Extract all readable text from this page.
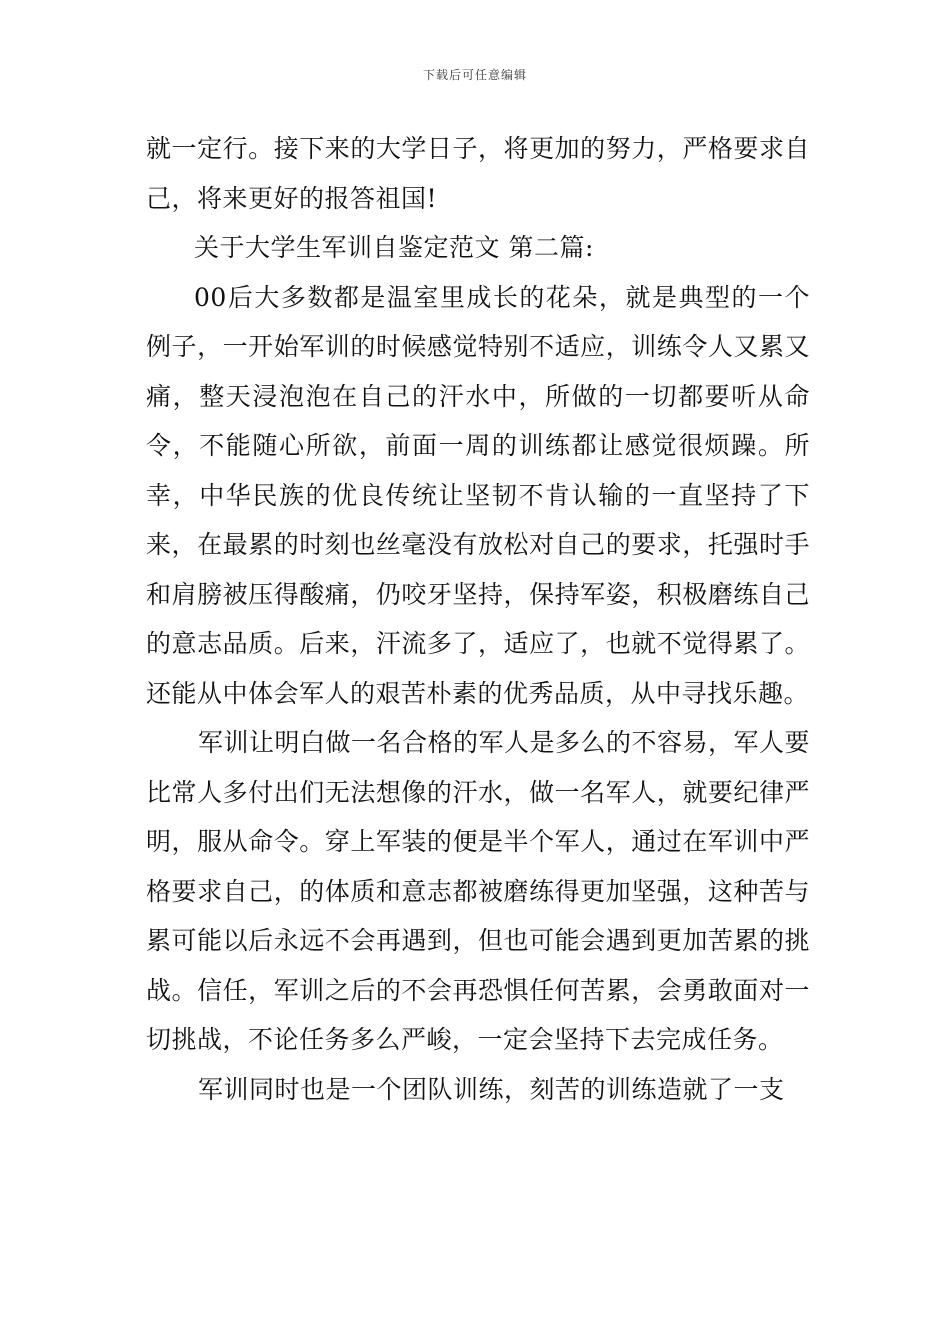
下载后可任意编辑

就一定行。接下来的大学日子，将更加的努力，严格要求自己，将来更好的报答祖国!

关于大学生军训自鉴定范文 第二篇:

00后大多数都是温室里成长的花朵，就是典型的一个例子，一开始军训的时候感觉特别不适应，训练令人又累又痛，整天浸泡泡在自己的汗水中，所做的一切都要听从命令，不能随心所欲，前面一周的训练都让感觉很烦躁。所幸，中华民族的优良传统让坚韧不肯认输的一直坚持了下来，在最累的时刻也丝毫没有放松对自己的要求，托强时手和肩膀被压得酸痛，仍咬牙坚持，保持军姿，积极磨练自己的意志品质。后来，汗流多了，适应了，也就不觉得累了。 还能从中体会军人的艰苦朴素的优秀品质，从中寻找乐趣。

军训让明白做一名合格的军人是多么的不容易，军人要比常人多付出们无法想像的汗水，做一名军人，就要纪律严明，服从命令。穿上军装的便是半个军人，通过在军训中严格要求自己，的体质和意志都被磨练得更加坚强，这种苦与累可能以后永远不会再遇到，但也可能会遇到更加苦累的挑战。信任，军训之后的不会再恐惧任何苦累，会勇敢面对一切挑战，不论任务多么严峻，一定会坚持下去完成任务。

军训同时也是一个团队训练，刻苦的训练造就了一支
